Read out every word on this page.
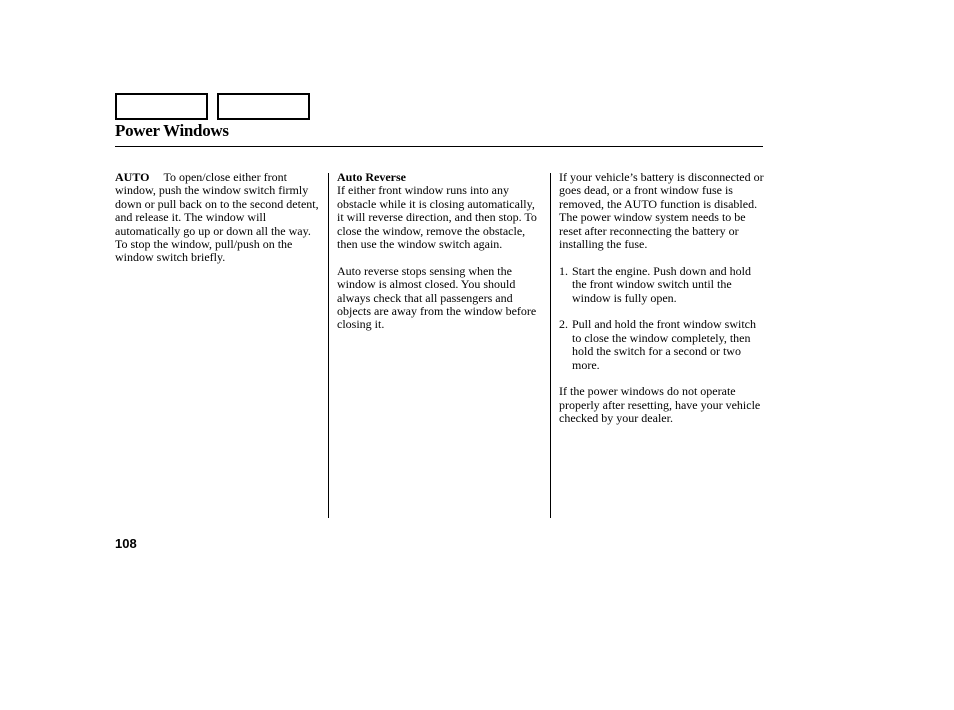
Power Windows

AUTO To open/close either front window, push the window switch firmly down or pull back on to the second detent, and release it. The window will automatically go up or down all the way. To stop the window, pull/push on the window switch briefly.

Auto Reverse

If either front window runs into any obstacle while it is closing automatically, it will reverse direction, and then stop. To close the window, remove the obstacle, then use the window switch again.

Auto reverse stops sensing when the window is almost closed. You should always check that all passengers and objects are away from the window before closing it.

If your vehicle’s battery is disconnected or goes dead, or a front window fuse is removed, the AUTO function is disabled. The power window system needs to be reset after reconnecting the battery or installing the fuse.

1. Start the engine. Push down and hold the front window switch until the window is fully open.
2. Pull and hold the front window switch to close the window completely, then hold the switch for a second or two more.

If the power windows do not operate properly after resetting, have your vehicle checked by your dealer.

108
